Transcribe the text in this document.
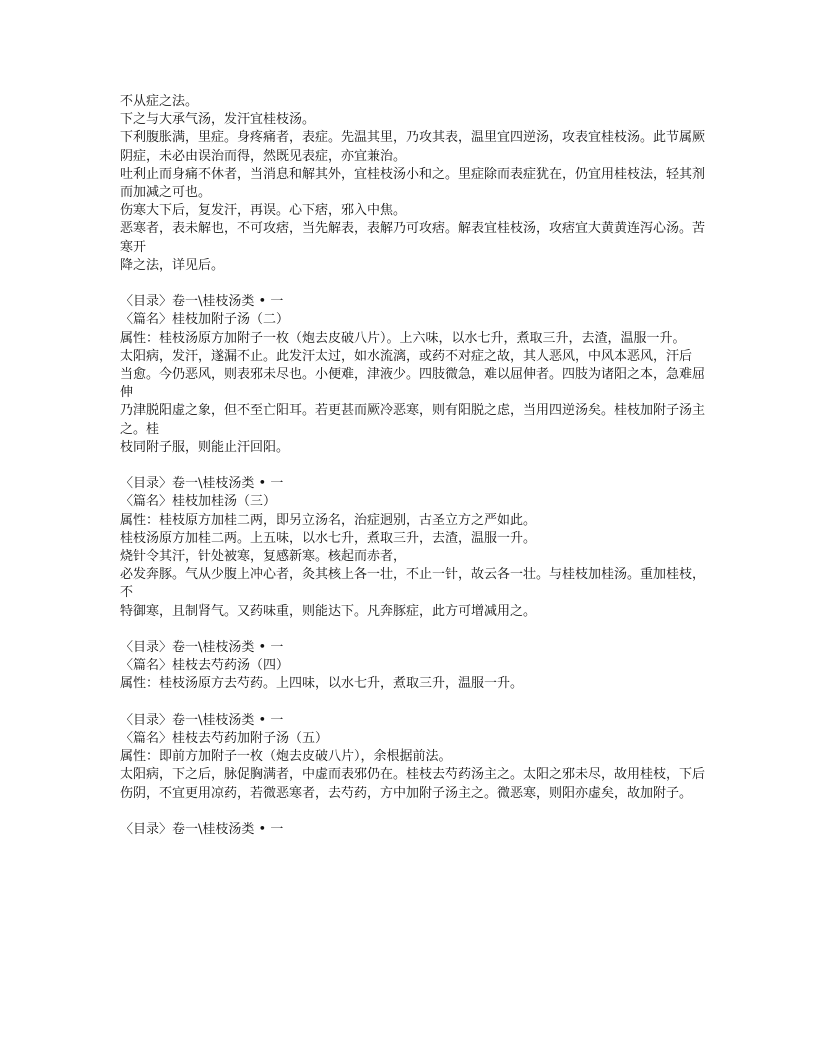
不从症之法。
下之与大承气汤，发汗宜桂枝汤。
下利腹胀满，里症。身疼痛者，表症。先温其里，乃攻其表，温里宜四逆汤，攻表宜桂枝汤。此节属厥
阴症，未必由误治而得，然既见表症，亦宜兼治。
吐利止而身痛不休者，当消息和解其外，宜桂枝汤小和之。里症除而表症犹在，仍宜用桂枝法，轻其剂
而加减之可也。
伤寒大下后，复发汗，再误。心下痞，邪入中焦。
恶寒者，表未解也，不可攻痞，当先解表，表解乃可攻痞。解表宜桂枝汤，攻痞宜大黄黄连泻心汤。苦寒开
降之法，详见后。
〈目录〉卷一\桂枝汤类 • 一
〈篇名〉桂枝加附子汤（二）
属性：桂枝汤原方加附子一枚（炮去皮破八片）。上六味，以水七升，煮取三升，去渣，温服一升。
太阳病，发汗，遂漏不止。此发汗太过，如水流漓，或药不对症之故，其人恶风，中风本恶风，汗后
当愈。今仍恶风，则表邪未尽也。小便难，津液少。四肢微急，难以屈伸者。四肢为诸阳之本，急难屈伸
乃津脱阳虚之象，但不至亡阳耳。若更甚而厥冷恶寒，则有阳脱之虑，当用四逆汤矣。桂枝加附子汤主之。桂
枝同附子服，则能止汗回阳。
〈目录〉卷一\桂枝汤类 • 一
〈篇名〉桂枝加桂汤（三）
属性：桂枝原方加桂二两，即另立汤名，治症迥别，古圣立方之严如此。
桂枝汤原方加桂二两。上五味，以水七升，煮取三升，去渣，温服一升。
烧针令其汗，针处被寒，复感新寒。核起而赤者，
必发奔豚。气从少腹上冲心者，灸其核上各一壮，不止一针，故云各一壮。与桂枝加桂汤。重加桂枝，不
特御寒，且制肾气。又药味重，则能达下。凡奔豚症，此方可增减用之。
〈目录〉卷一\桂枝汤类 • 一
〈篇名〉桂枝去芍药汤（四）
属性：桂枝汤原方去芍药。上四味，以水七升，煮取三升，温服一升。
〈目录〉卷一\桂枝汤类 • 一
〈篇名〉桂枝去芍药加附子汤（五）
属性：即前方加附子一枚（炮去皮破八片），余根据前法。
太阳病，下之后，脉促胸满者，中虚而表邪仍在。桂枝去芍药汤主之。太阳之邪未尽，故用桂枝，下后
伤阴，不宜更用凉药，若微恶寒者，去芍药，方中加附子汤主之。微恶寒，则阳亦虚矣，故加附子。
〈目录〉卷一\桂枝汤类 • 一
